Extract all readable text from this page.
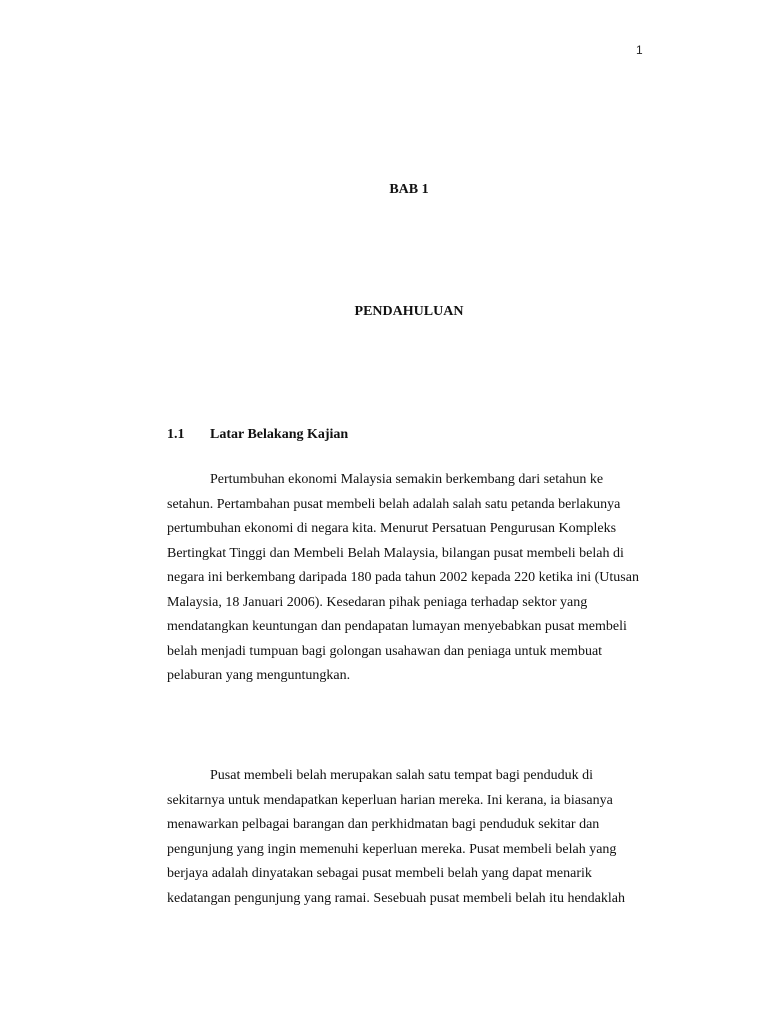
1
BAB 1
PENDAHULUAN
1.1 Latar Belakang Kajian
Pertumbuhan ekonomi Malaysia semakin berkembang dari setahun ke
setahun. Pertambahan pusat membeli belah adalah salah satu petanda berlakunya
pertumbuhan ekonomi di negara kita. Menurut Persatuan Pengurusan Kompleks
Bertingkat Tinggi dan Membeli Belah Malaysia, bilangan pusat membeli belah di
negara ini berkembang daripada 180 pada tahun 2002 kepada 220 ketika ini (Utusan
Malaysia, 18 Januari 2006). Kesedaran pihak peniaga terhadap sektor yang
mendatangkan keuntungan dan pendapatan lumayan menyebabkan pusat membeli
belah menjadi tumpuan bagi golongan usahawan dan peniaga untuk membuat
pelaburan yang menguntungkan.
Pusat membeli belah merupakan salah satu tempat bagi penduduk di
sekitarnya untuk mendapatkan keperluan harian mereka. Ini kerana, ia biasanya
menawarkan pelbagai barangan dan perkhidmatan bagi penduduk sekitar dan
pengunjung yang ingin memenuhi keperluan mereka. Pusat membeli belah yang
berjaya adalah dinyatakan sebagai pusat membeli belah yang dapat menarik
kedatangan pengunjung yang ramai. Sesebuah pusat membeli belah itu hendaklah
